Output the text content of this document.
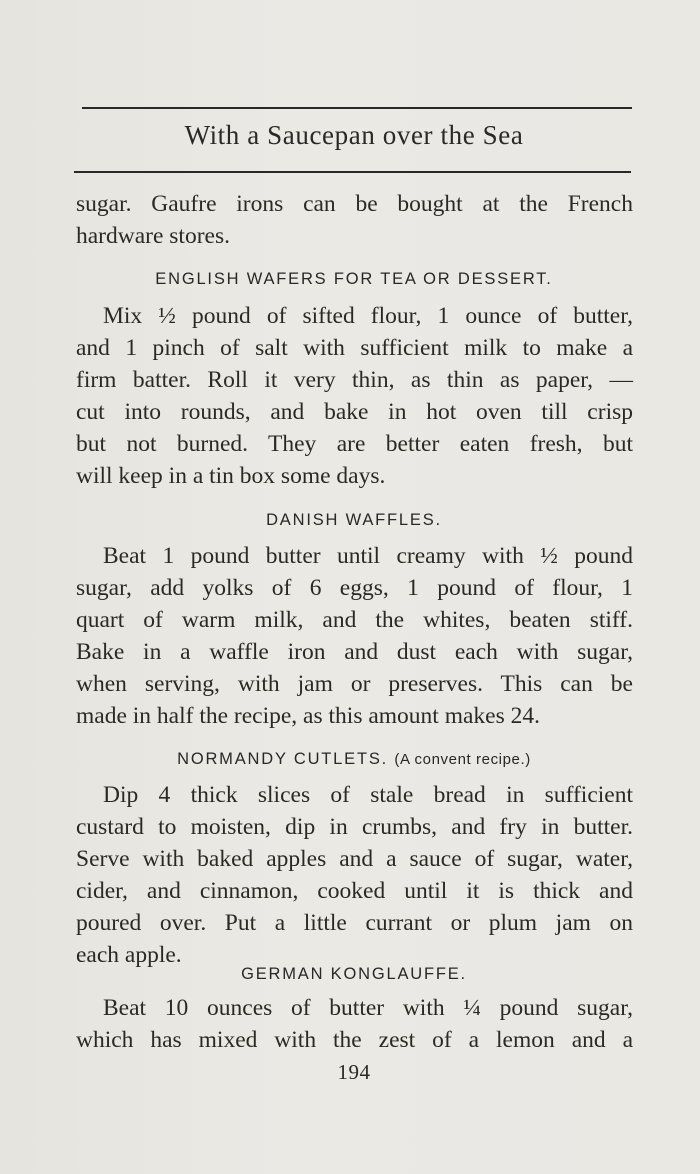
With a Saucepan over the Sea
sugar. Gaufre irons can be bought at the French
hardware stores.
ENGLISH WAFERS FOR TEA OR DESSERT.
Mix ½ pound of sifted flour, 1 ounce of butter,
and 1 pinch of salt with sufficient milk to make a
firm batter. Roll it very thin, as thin as paper, —
cut into rounds, and bake in hot oven till crisp
but not burned. They are better eaten fresh, but
will keep in a tin box some days.
DANISH WAFFLES.
Beat 1 pound butter until creamy with ½ pound
sugar, add yolks of 6 eggs, 1 pound of flour, 1
quart of warm milk, and the whites, beaten stiff.
Bake in a waffle iron and dust each with sugar,
when serving, with jam or preserves. This can be
made in half the recipe, as this amount makes 24.
NORMANDY CUTLETS. (A convent recipe.)
Dip 4 thick slices of stale bread in sufficient
custard to moisten, dip in crumbs, and fry in butter.
Serve with baked apples and a sauce of sugar, water,
cider, and cinnamon, cooked until it is thick and
poured over. Put a little currant or plum jam on
each apple.
GERMAN KONGLAUFFE.
Beat 10 ounces of butter with ¼ pound sugar,
which has mixed with the zest of a lemon and a
194
